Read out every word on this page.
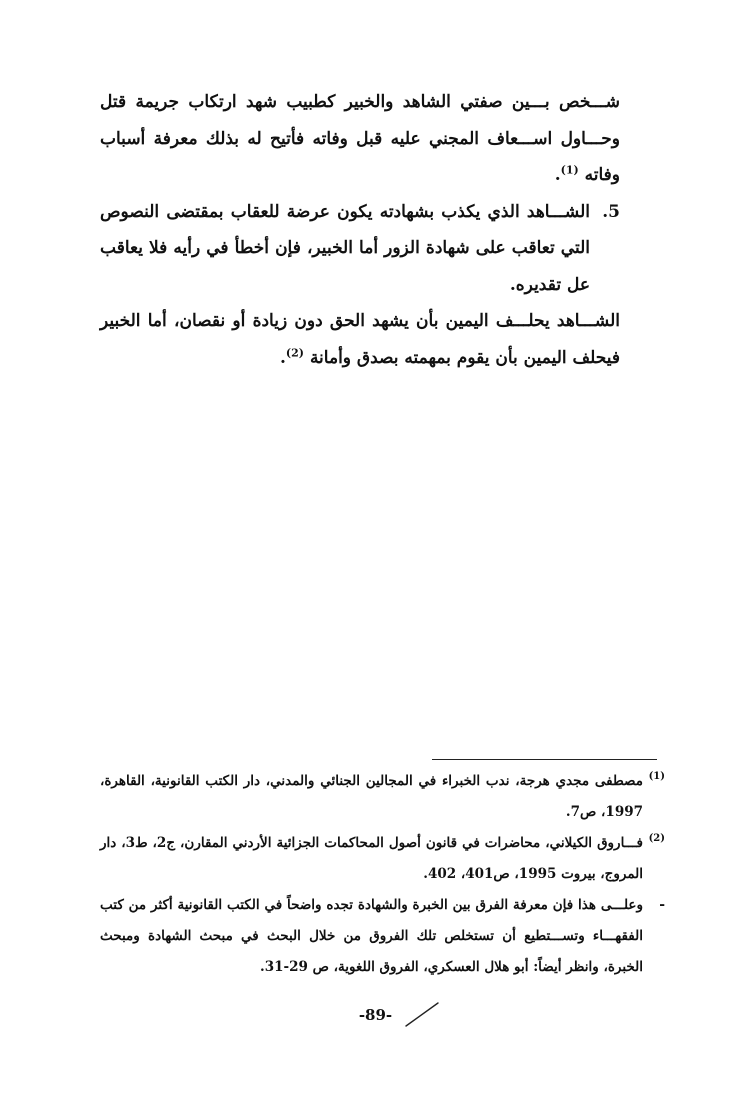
شـــخص بـــين صفتي الشاهد والخبير كطبيب شهد ارتكاب جريمة قتل وحـــاول اســـعاف المجني عليه قبل وفاته فأتيح له بذلك معرفة أسباب وفاته $^{(1)}$.

5.
الشـــاهد الذي يكذب بشهادته يكون عرضة للعقاب بمقتضى النصوص التي تعاقب على شهادة الزور أما الخبير، فإن أخطأ في رأيه فلا يعاقب عل تقديره.

الشـــاهد يحلـــف اليمين بأن يشهد الحق دون زيادة أو نقصان، أما الخبير فيحلف اليمين بأن يقوم بمهمته بصدق وأمانة $^{(2)}$.

(1)
مصطفى مجدي هرجة، ندب الخبراء في المجالين الجنائي والمدني، دار الكتب القانونية، القاهرة، 1997، ص7.

(2)
فـــاروق الكيلاني، محاضرات في قانون أصول المحاكمات الجزائية الأردني المقارن، ج2، ط3، دار المروج، بيروت 1995، ص401، 402.

-
وعلـــى هذا فإن معرفة الفرق بين الخبرة والشهادة تجده واضحاً في الكتب القانونية أكثر من كتب الفقهـــاء وتســـتطيع أن تستخلص تلك الفروق من خلال البحث في مبحث الشهادة ومبحث الخبرة، وانظر أيضاً: أبو هلال العسكري، الفروق اللغوية، ص 29-31.

-89-
